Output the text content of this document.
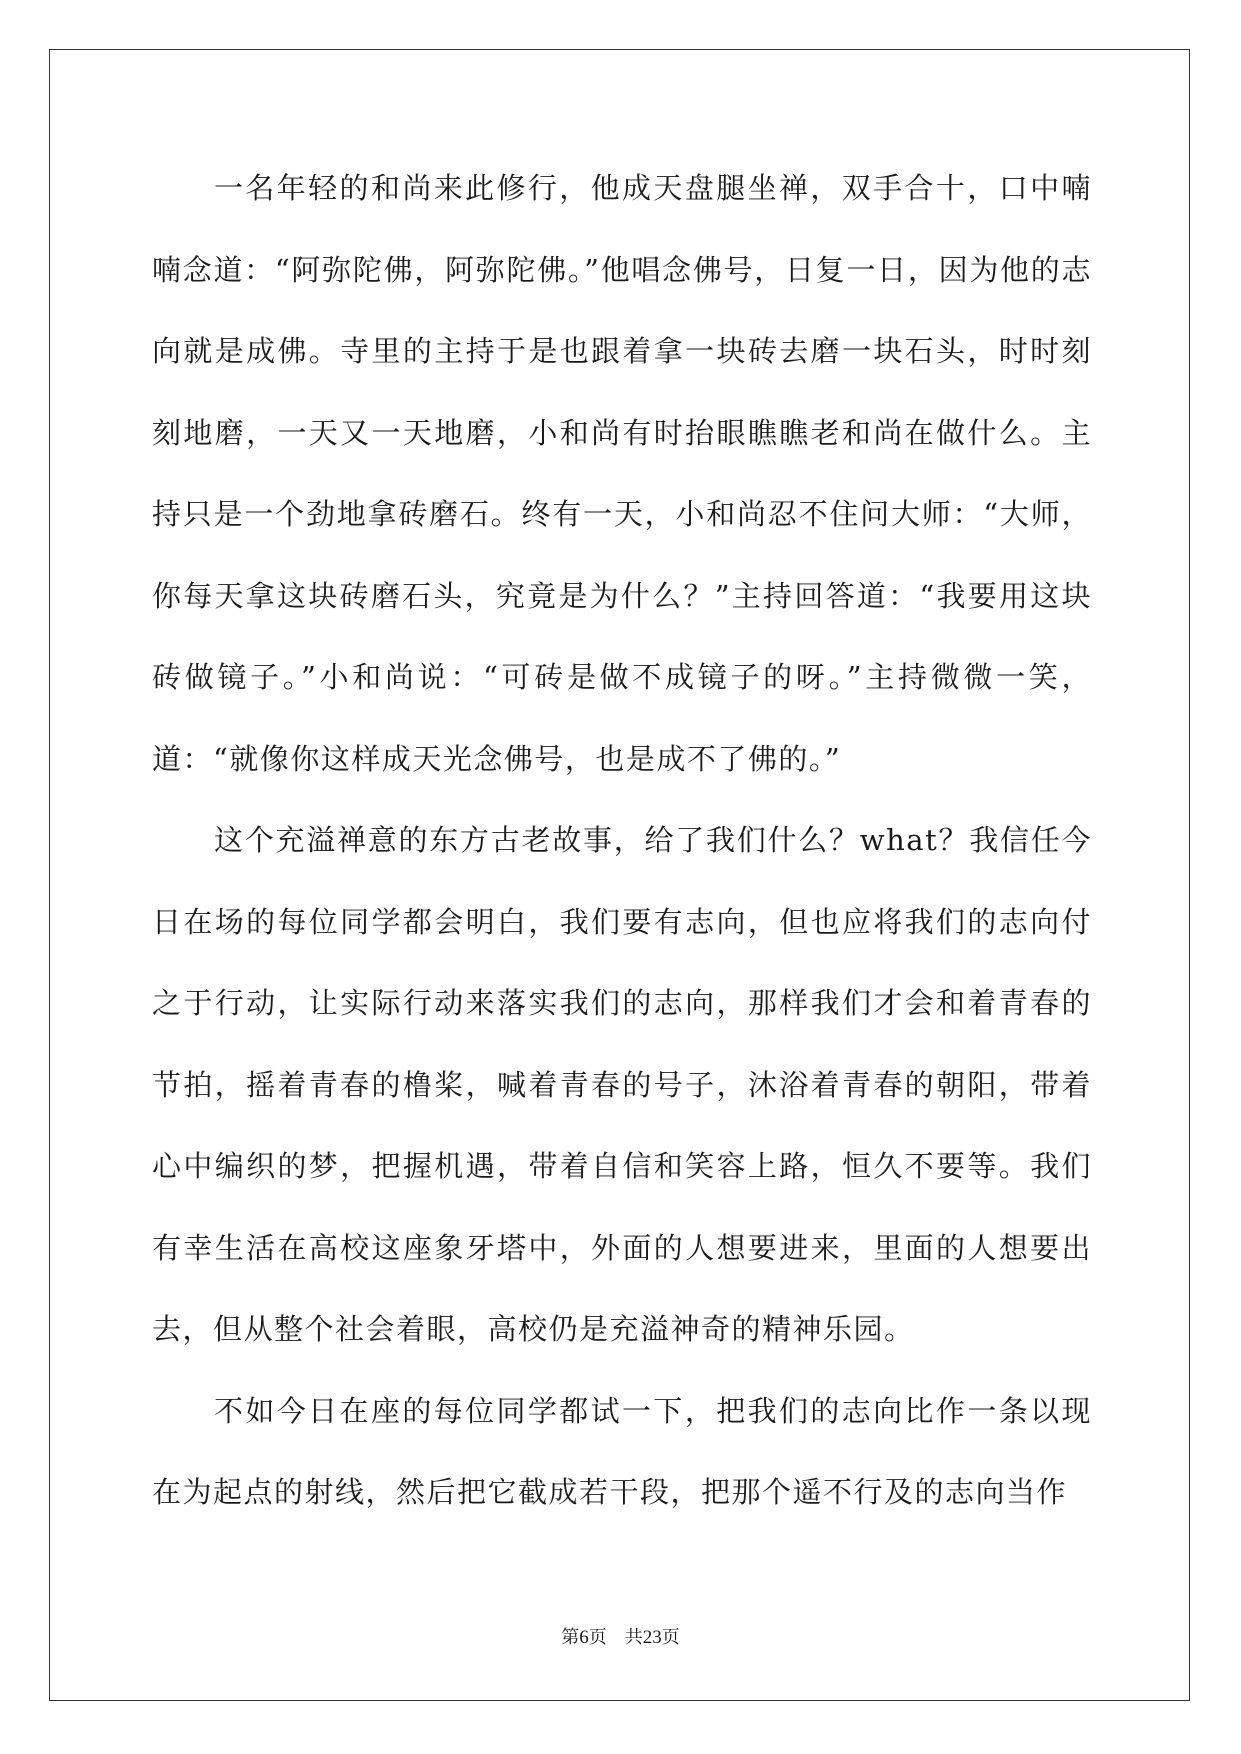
一名年轻的和尚来此修行，他成天盘腿坐禅，双手合十，口中喃喃念道：“阿弥陀佛，阿弥陀佛。”他唱念佛号，日复一日，因为他的志向就是成佛。寺里的主持于是也跟着拿一块砖去磨一块石头，时时刻刻地磨，一天又一天地磨，小和尚有时抬眼瞧瞧老和尚在做什么。主持只是一个劲地拿砖磨石。终有一天，小和尚忍不住问大师：“大师，你每天拿这块砖磨石头，究竟是为什么？”主持回答道：“我要用这块砖做镜子。”小和尚说：“可砖是做不成镜子的呀。”主持微微一笑，道：“就像你这样成天光念佛号，也是成不了佛的。”

这个充溢禅意的东方古老故事，给了我们什么？what？我信任今日在场的每位同学都会明白，我们要有志向，但也应将我们的志向付之于行动，让实际行动来落实我们的志向，那样我们才会和着青春的节拍，摇着青春的橹桨，喊着青春的号子，沐浴着青春的朝阳，带着心中编织的梦，把握机遇，带着自信和笑容上路，恒久不要等。我们有幸生活在高校这座象牙塔中，外面的人想要进来，里面的人想要出去，但从整个社会着眼，高校仍是充溢神奇的精神乐园。

不如今日在座的每位同学都试一下，把我们的志向比作一条以现在为起点的射线，然后把它截成若干段，把那个遥不行及的志向当作

第6页 共23页
